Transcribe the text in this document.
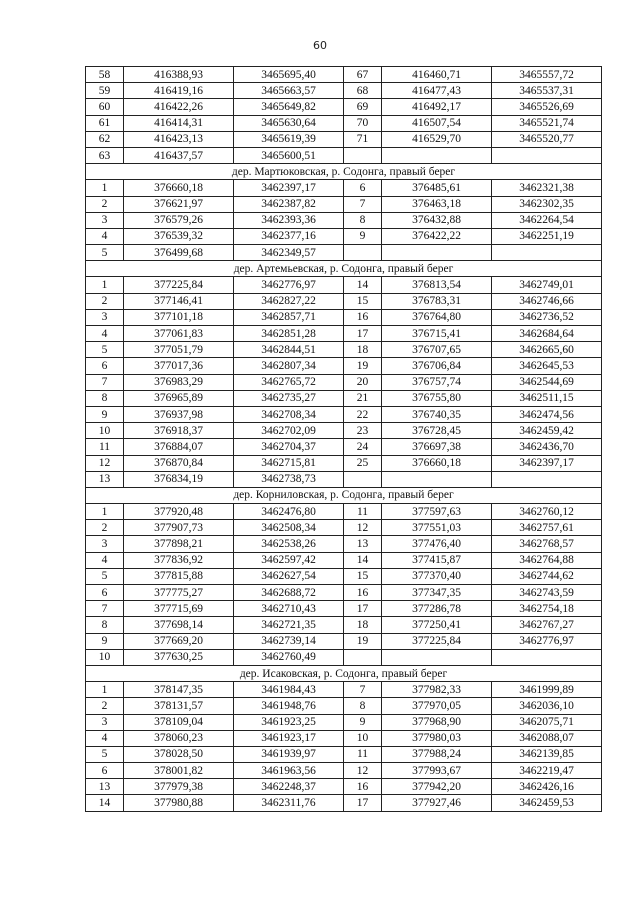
60
58	416388,93	3465695,40	67	416460,71	3465557,72
59	416419,16	3465663,57	68	416477,43	3465537,31
60	416422,26	3465649,82	69	416492,17	3465526,69
61	416414,31	3465630,64	70	416507,54	3465521,74
62	416423,13	3465619,39	71	416529,70	3465520,77
63	416437,57	3465600,51			
дер. Мартюковская, р. Содонга, правый берег					
1	376660,18	3462397,17	6	376485,61	3462321,38
2	376621,97	3462387,82	7	376463,18	3462302,35
3	376579,26	3462393,36	8	376432,88	3462264,54
4	376539,32	3462377,16	9	376422,22	3462251,19
5	376499,68	3462349,57			
дер. Артемьевская, р. Содонга, правый берег					
1	377225,84	3462776,97	14	376813,54	3462749,01
2	377146,41	3462827,22	15	376783,31	3462746,66
3	377101,18	3462857,71	16	376764,80	3462736,52
4	377061,83	3462851,28	17	376715,41	3462684,64
5	377051,79	3462844,51	18	376707,65	3462665,60
6	377017,36	3462807,34	19	376706,84	3462645,53
7	376983,29	3462765,72	20	376757,74	3462544,69
8	376965,89	3462735,27	21	376755,80	3462511,15
9	376937,98	3462708,34	22	376740,35	3462474,56
10	376918,37	3462702,09	23	376728,45	3462459,42
11	376884,07	3462704,37	24	376697,38	3462436,70
12	376870,84	3462715,81	25	376660,18	3462397,17
13	376834,19	3462738,73			
дер. Корниловская, р. Содонга, правый берег					
1	377920,48	3462476,80	11	377597,63	3462760,12
2	377907,73	3462508,34	12	377551,03	3462757,61
3	377898,21	3462538,26	13	377476,40	3462768,57
4	377836,92	3462597,42	14	377415,87	3462764,88
5	377815,88	3462627,54	15	377370,40	3462744,62
6	377775,27	3462688,72	16	377347,35	3462743,59
7	377715,69	3462710,43	17	377286,78	3462754,18
8	377698,14	3462721,35	18	377250,41	3462767,27
9	377669,20	3462739,14	19	377225,84	3462776,97
10	377630,25	3462760,49			
дер. Исаковская, р. Содонга, правый берег					
1	378147,35	3461984,43	7	377982,33	3461999,89
2	378131,57	3461948,76	8	377970,05	3462036,10
3	378109,04	3461923,25	9	377968,90	3462075,71
4	378060,23	3461923,17	10	377980,03	3462088,07
5	378028,50	3461939,97	11	377988,24	3462139,85
6	378001,82	3461963,56	12	377993,67	3462219,47
13	377979,38	3462248,37	16	377942,20	3462426,16
14	377980,88	3462311,76	17	377927,46	3462459,53
